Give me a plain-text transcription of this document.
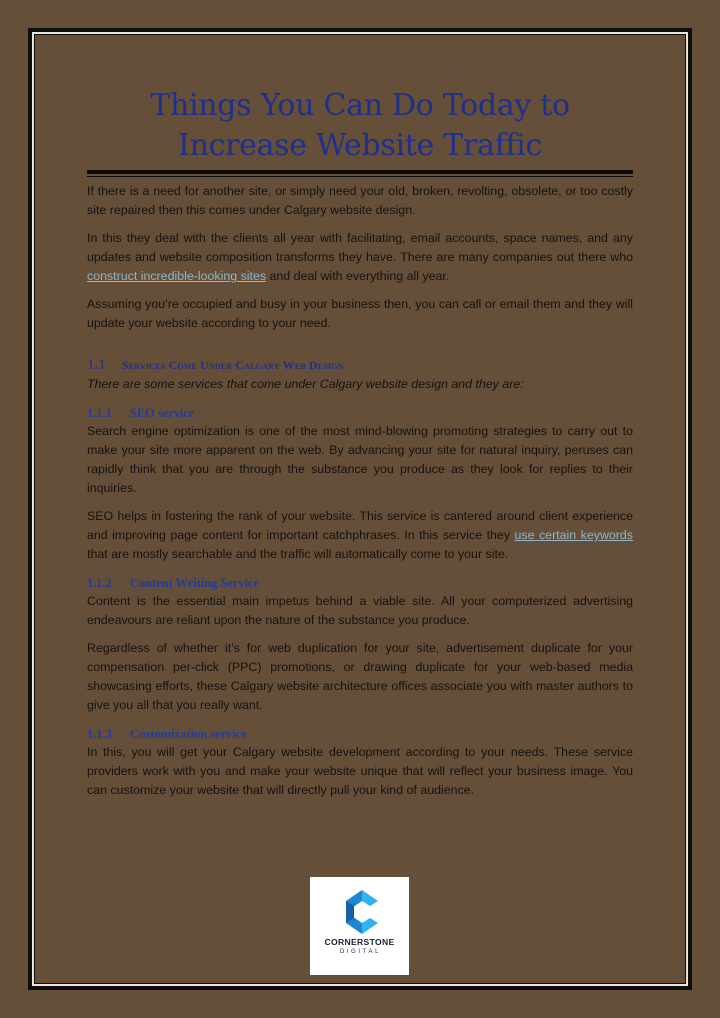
Things You Can Do Today to Increase Website Traffic

If there is a need for another site, or simply need your old, broken, revolting, obsolete, or too costly site repaired then this comes under Calgary website design.

In this they deal with the clients all year with facilitating, email accounts, space names, and any updates and website composition transforms they have. There are many companies out there who construct incredible-looking sites and deal with everything all year.

Assuming you’re occupied and busy in your business then, you can call or email them and they will update your website according to your need.

1.1 Services Come Under Calgary Web Design

There are some services that come under Calgary website design and they are:

1.1.1 SEO service

Search engine optimization is one of the most mind-blowing promoting strategies to carry out to make your site more apparent on the web. By advancing your site for natural inquiry, peruses can rapidly think that you are through the substance you produce as they look for replies to their inquiries.

SEO helps in fostering the rank of your website. This service is cantered around client experience and improving page content for important catchphrases. In this service they use certain keywords that are mostly searchable and the traffic will automatically come to your site.

1.1.2 Content Writing Service

Content is the essential main impetus behind a viable site. All your computerized advertising endeavours are reliant upon the nature of the substance you produce.

Regardless of whether it’s for web duplication for your site, advertisement duplicate for your compensation per-click (PPC) promotions, or drawing duplicate for your web-based media showcasing efforts, these Calgary website architecture offices associate you with master authors to give you all that you really want.

1.1.3 Customization service

In this, you will get your Calgary website development according to your needs. These service providers work with you and make your website unique that will reflect your business image. You can customize your website that will directly pull your kind of audience.

CORNERSTONE
DIGITAL
